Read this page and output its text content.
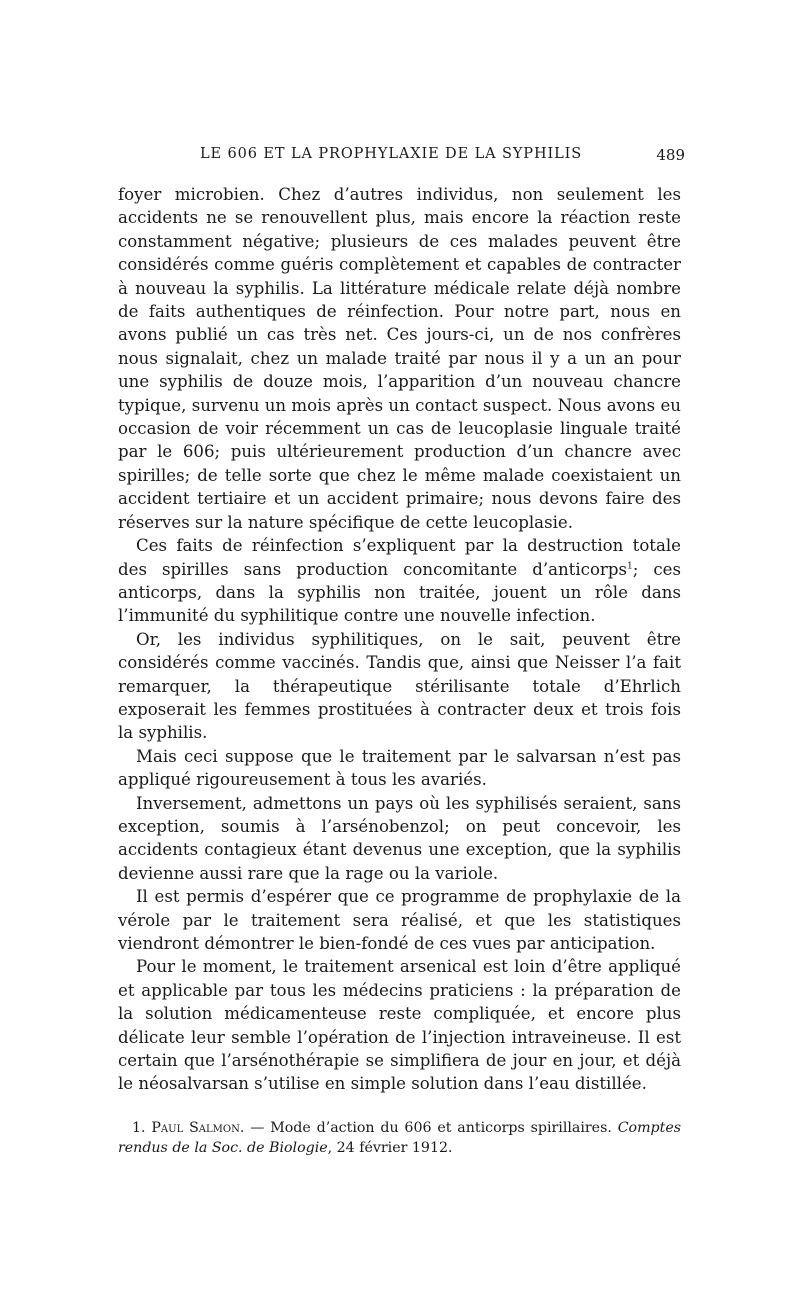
LE 606 ET LA PROPHYLAXIE DE LA SYPHILIS	489

foyer microbien. Chez d’autres individus, non seulement les accidents ne se renouvellent plus, mais encore la réaction reste constamment négative; plusieurs de ces malades peuvent être considérés comme guéris complètement et capables de contracter à nouveau la syphilis. La littérature médicale relate déjà nombre de faits authentiques de réinfection. Pour notre part, nous en avons publié un cas très net. Ces jours-ci, un de nos confrères nous signalait, chez un malade traité par nous il y a un an pour une syphilis de douze mois, l’apparition d’un nouveau chancre typique, survenu un mois après un contact suspect. Nous avons eu occasion de voir récemment un cas de leucoplasie linguale traité par le 606; puis ultérieurement production d’un chancre avec spirilles; de telle sorte que chez le même malade coexistaient un accident tertiaire et un accident primaire; nous devons faire des réserves sur la nature spécifique de cette leucoplasie.

Ces faits de réinfection s’expliquent par la destruction totale des spirilles sans production concomitante d’anticorps$^1$; ces anticorps, dans la syphilis non traitée, jouent un rôle dans l’immunité du syphilitique contre une nouvelle infection.

Or, les individus syphilitiques, on le sait, peuvent être considérés comme vaccinés. Tandis que, ainsi que Neisser l’a fait remarquer, la thérapeutique stérilisante totale d’Ehrlich exposerait les femmes prostituées à contracter deux et trois fois la syphilis.

Mais ceci suppose que le traitement par le salvarsan n’est pas appliqué rigoureusement à tous les avariés.

Inversement, admettons un pays où les syphilisés seraient, sans exception, soumis à l’arsénobenzol; on peut concevoir, les accidents contagieux étant devenus une exception, que la syphilis devienne aussi rare que la rage ou la variole.

Il est permis d’espérer que ce programme de prophylaxie de la vérole par le traitement sera réalisé, et que les statistiques viendront démontrer le bien-fondé de ces vues par anticipation.

Pour le moment, le traitement arsenical est loin d’être appliqué et applicable par tous les médecins praticiens : la préparation de la solution médicamenteuse reste compliquée, et encore plus délicate leur semble l’opération de l’injection intraveineuse. Il est certain que l’arsénothérapie se simplifiera de jour en jour, et déjà le néosalvarsan s’utilise en simple solution dans l’eau distillée.

1. Paul Salmon. — Mode d’action du 606 et anticorps spirillaires. Comptes rendus de la Soc. de Biologie, 24 février 1912.
